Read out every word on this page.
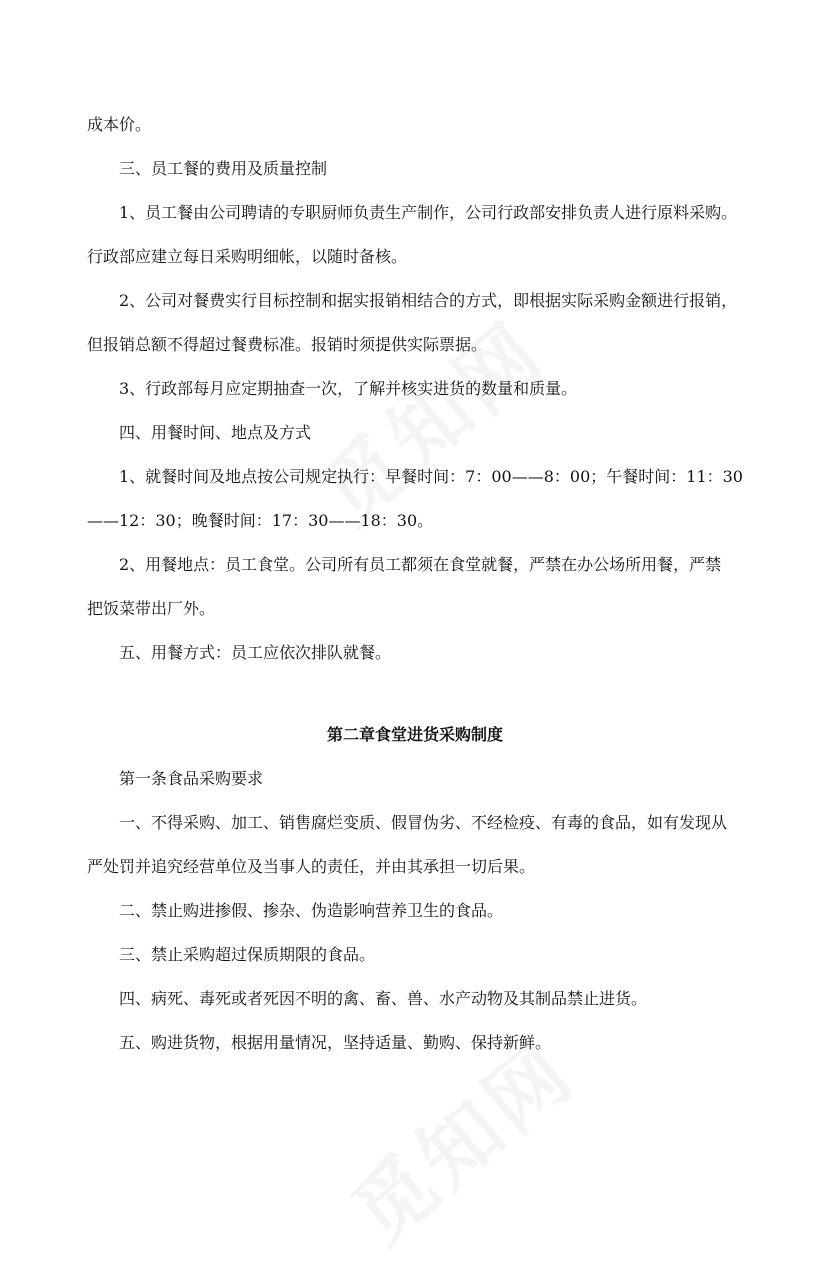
成本价。

三、员工餐的费用及质量控制

1、员工餐由公司聘请的专职厨师负责生产制作，公司行政部安排负责人进行原料采购。

行政部应建立每日采购明细帐，以随时备核。

2、公司对餐费实行目标控制和据实报销相结合的方式，即根据实际采购金额进行报销，

但报销总额不得超过餐费标准。报销时须提供实际票据。

3、行政部每月应定期抽查一次，了解并核实进货的数量和质量。

四、用餐时间、地点及方式

1、就餐时间及地点按公司规定执行：早餐时间：7：00——8：00；午餐时间：11：30

——12：30；晚餐时间：17：30——18：30。

2、用餐地点：员工食堂。公司所有员工都须在食堂就餐，严禁在办公场所用餐，严禁

把饭菜带出厂外。

五、用餐方式：员工应依次排队就餐。

第二章食堂进货采购制度

第一条食品采购要求

一、不得采购、加工、销售腐烂变质、假冒伪劣、不经检疫、有毒的食品，如有发现从

严处罚并追究经营单位及当事人的责任，并由其承担一切后果。

二、禁止购进掺假、掺杂、伪造影响营养卫生的食品。

三、禁止采购超过保质期限的食品。

四、病死、毒死或者死因不明的禽、畜、兽、水产动物及其制品禁止进货。

五、购进货物，根据用量情况，坚持适量、勤购、保持新鲜。
